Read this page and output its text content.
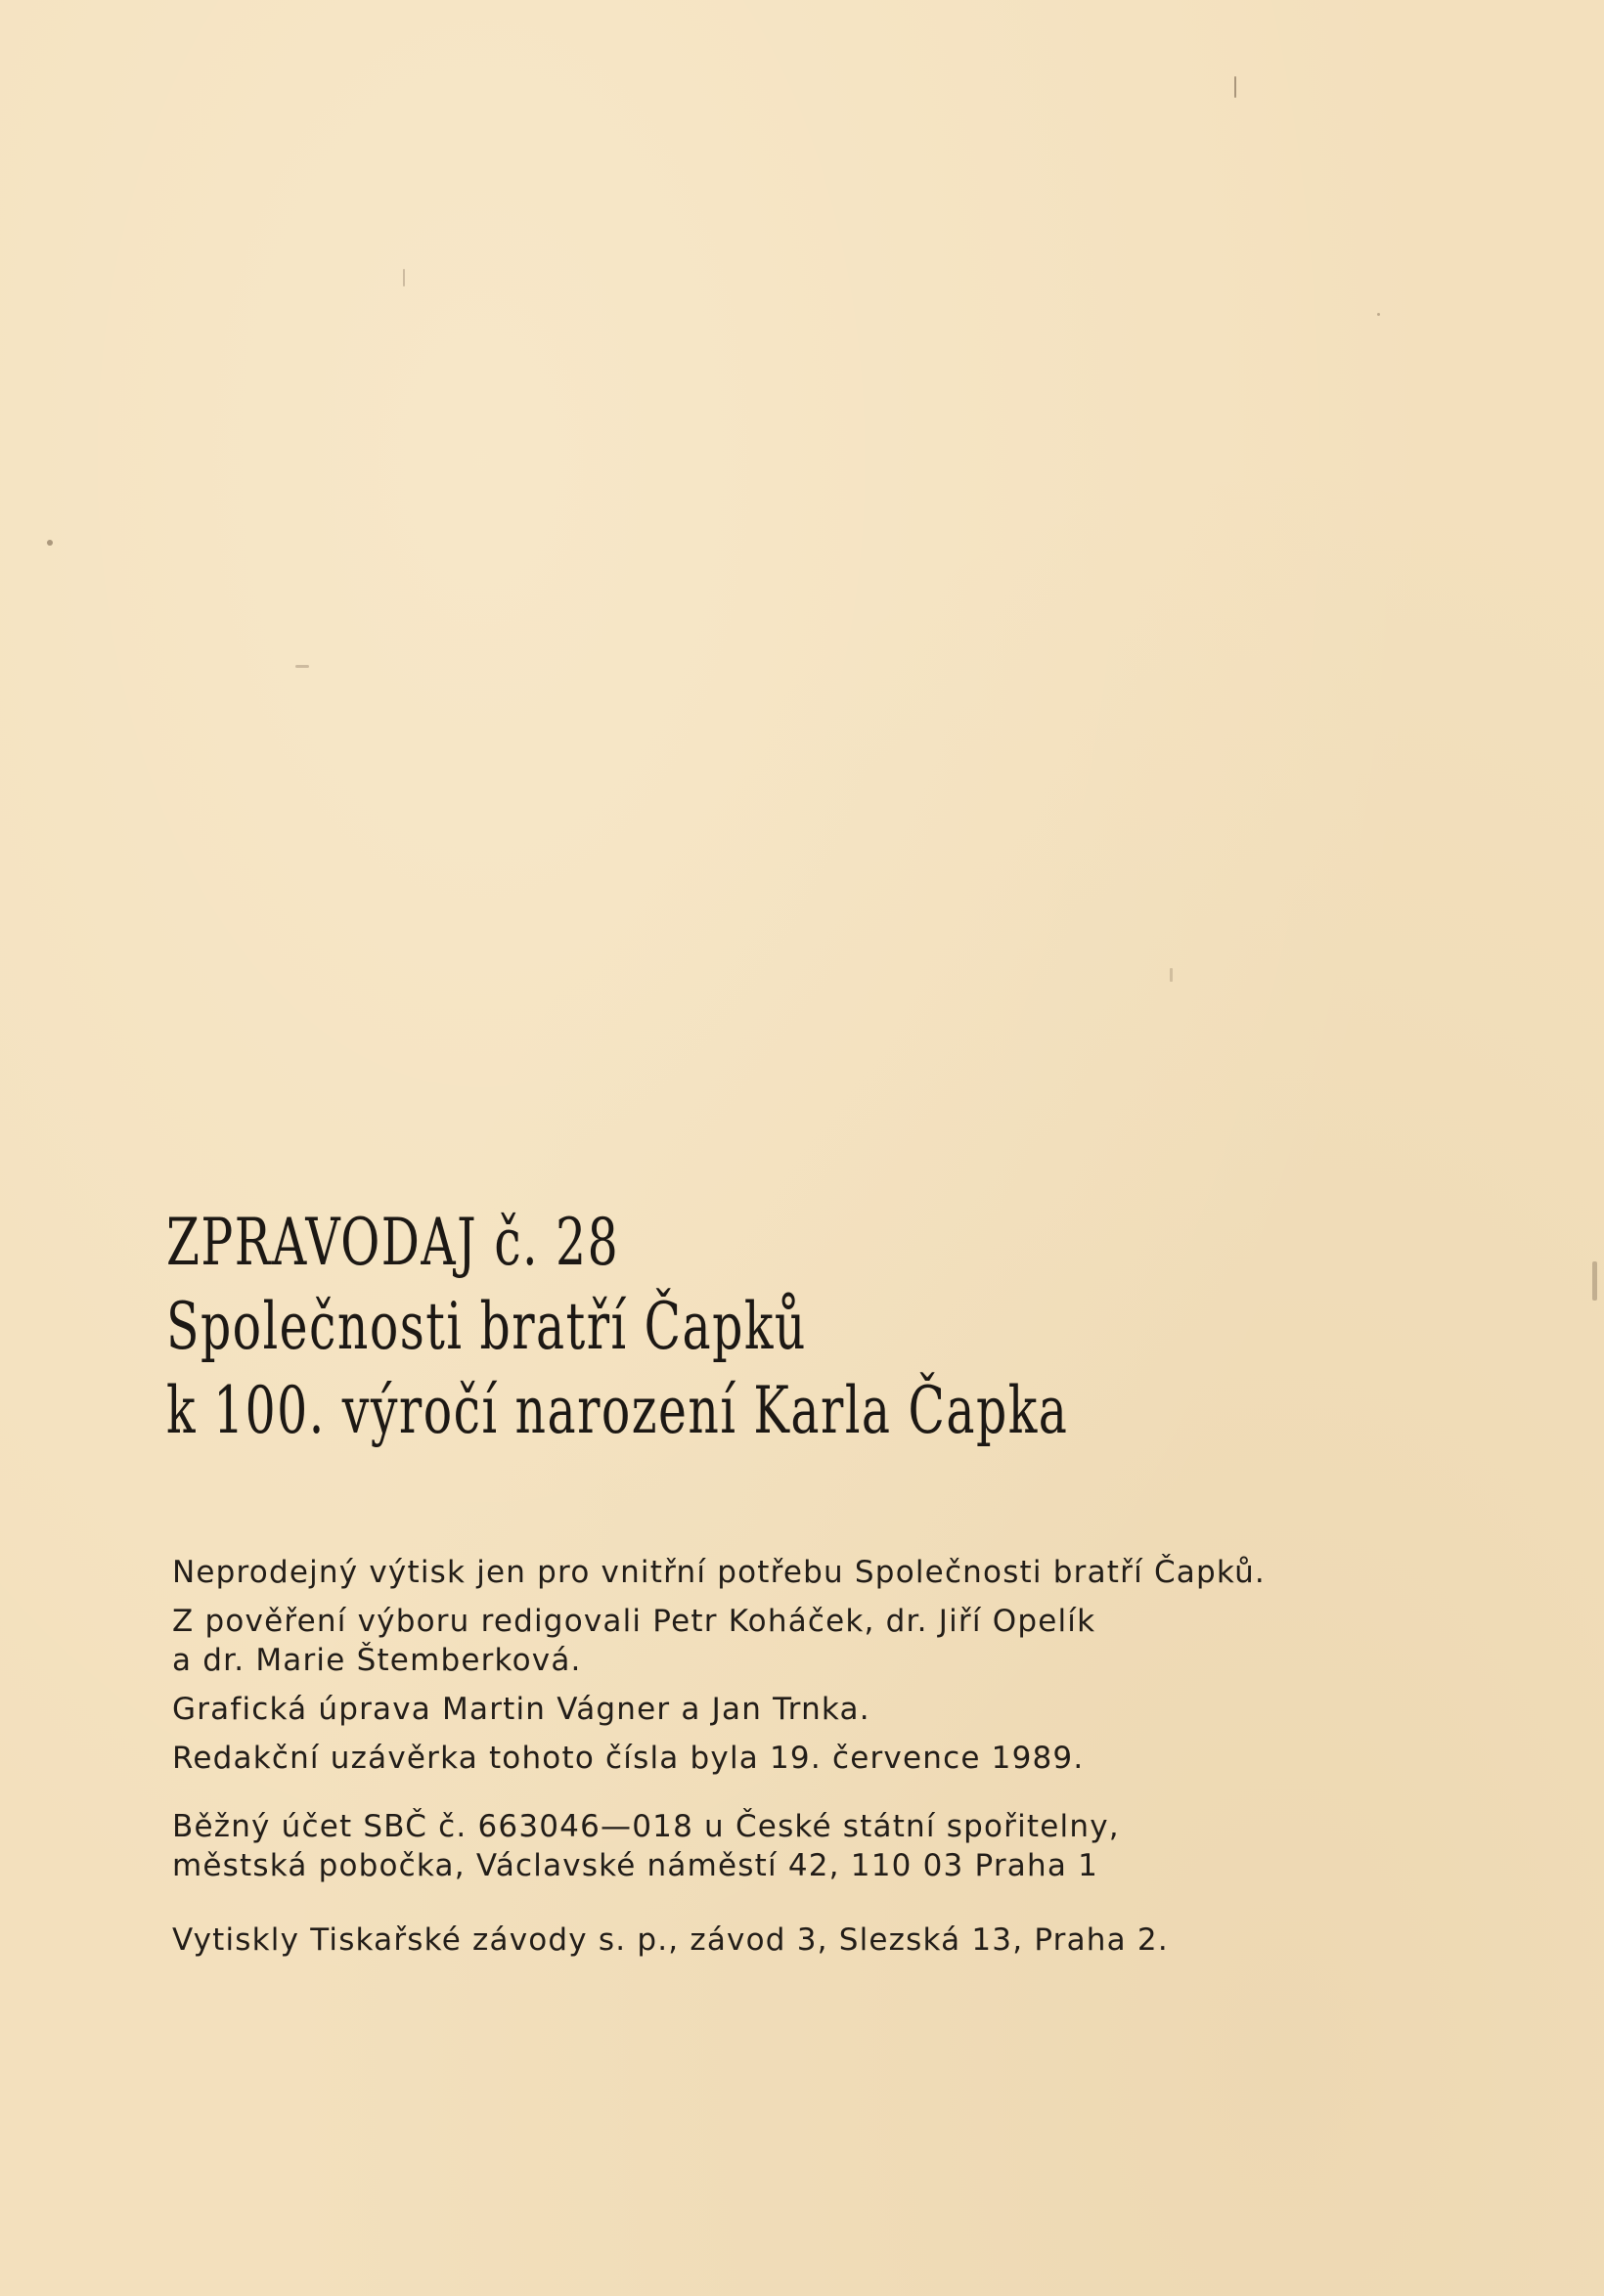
ZPRAVODAJ č. 28
Společnosti bratří Čapků
k 100. výročí narození Karla Čapka
Neprodejný výtisk jen pro vnitřní potřebu Společnosti bratří Čapků.
Z pověření výboru redigovali Petr Koháček, dr. Jiří Opelík
a dr. Marie Štemberková.
Grafická úprava Martin Vágner a Jan Trnka.
Redakční uzávěrka tohoto čísla byla 19. července 1989.
Běžný účet SBČ č. 663046—018 u České státní spořitelny,
městská pobočka, Václavské náměstí 42, 110 03 Praha 1
Vytiskly Tiskařské závody s. p., závod 3, Slezská 13, Praha 2.
